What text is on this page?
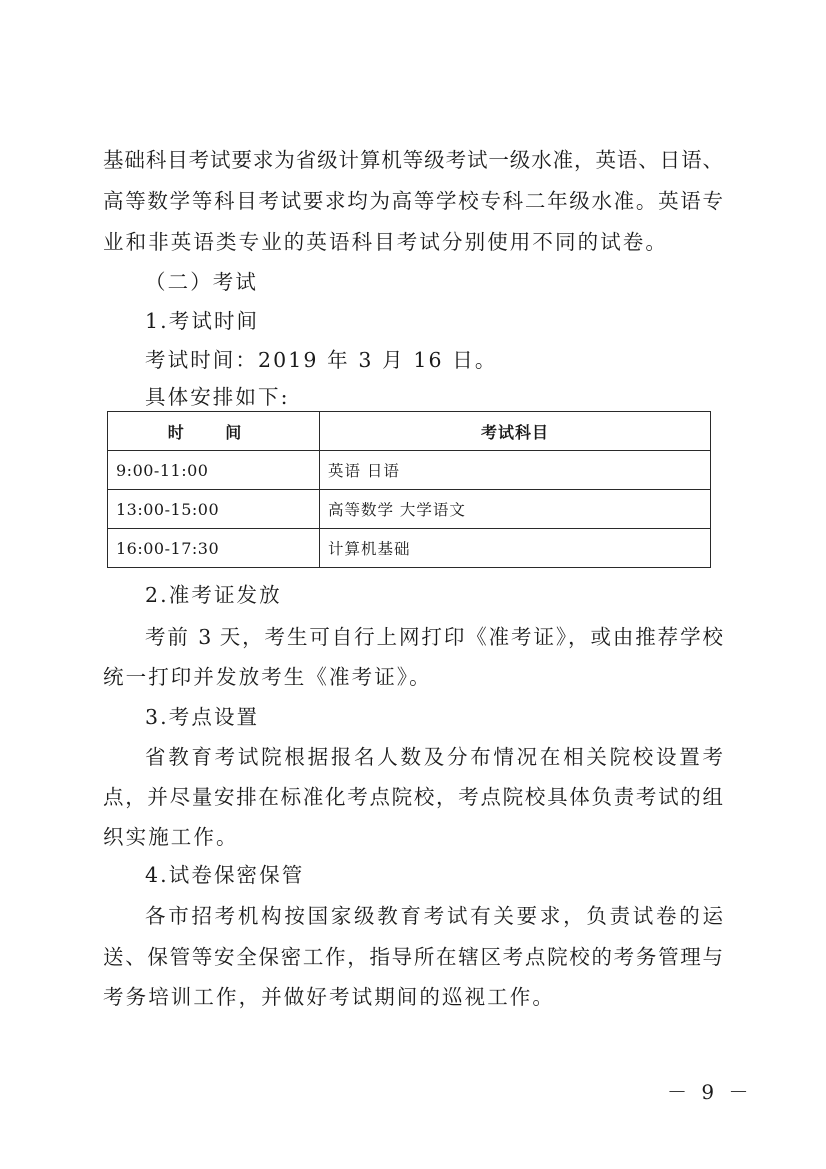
基础科目考试要求为省级计算机等级考试一级水准，英语、日语、
高等数学等科目考试要求均为高等学校专科二年级水准。英语专
业和非英语类专业的英语科目考试分别使用不同的试卷。
（二）考试
1.考试时间
考试时间：2019 年 3 月 16 日。
具体安排如下:
时 间	考试科目
9:00-11:00	英语 日语
13:00-15:00	高等数学 大学语文
16:00-17:30	计算机基础
2.准考证发放
考前 3 天，考生可自行上网打印《准考证》，或由推荐学校
统一打印并发放考生《准考证》。
3.考点设置
省教育考试院根据报名人数及分布情况在相关院校设置考
点，并尽量安排在标准化考点院校，考点院校具体负责考试的组
织实施工作。
4.试卷保密保管
各市招考机构按国家级教育考试有关要求，负责试卷的运
送、保管等安全保密工作，指导所在辖区考点院校的考务管理与
考务培训工作，并做好考试期间的巡视工作。
－ 9 －
